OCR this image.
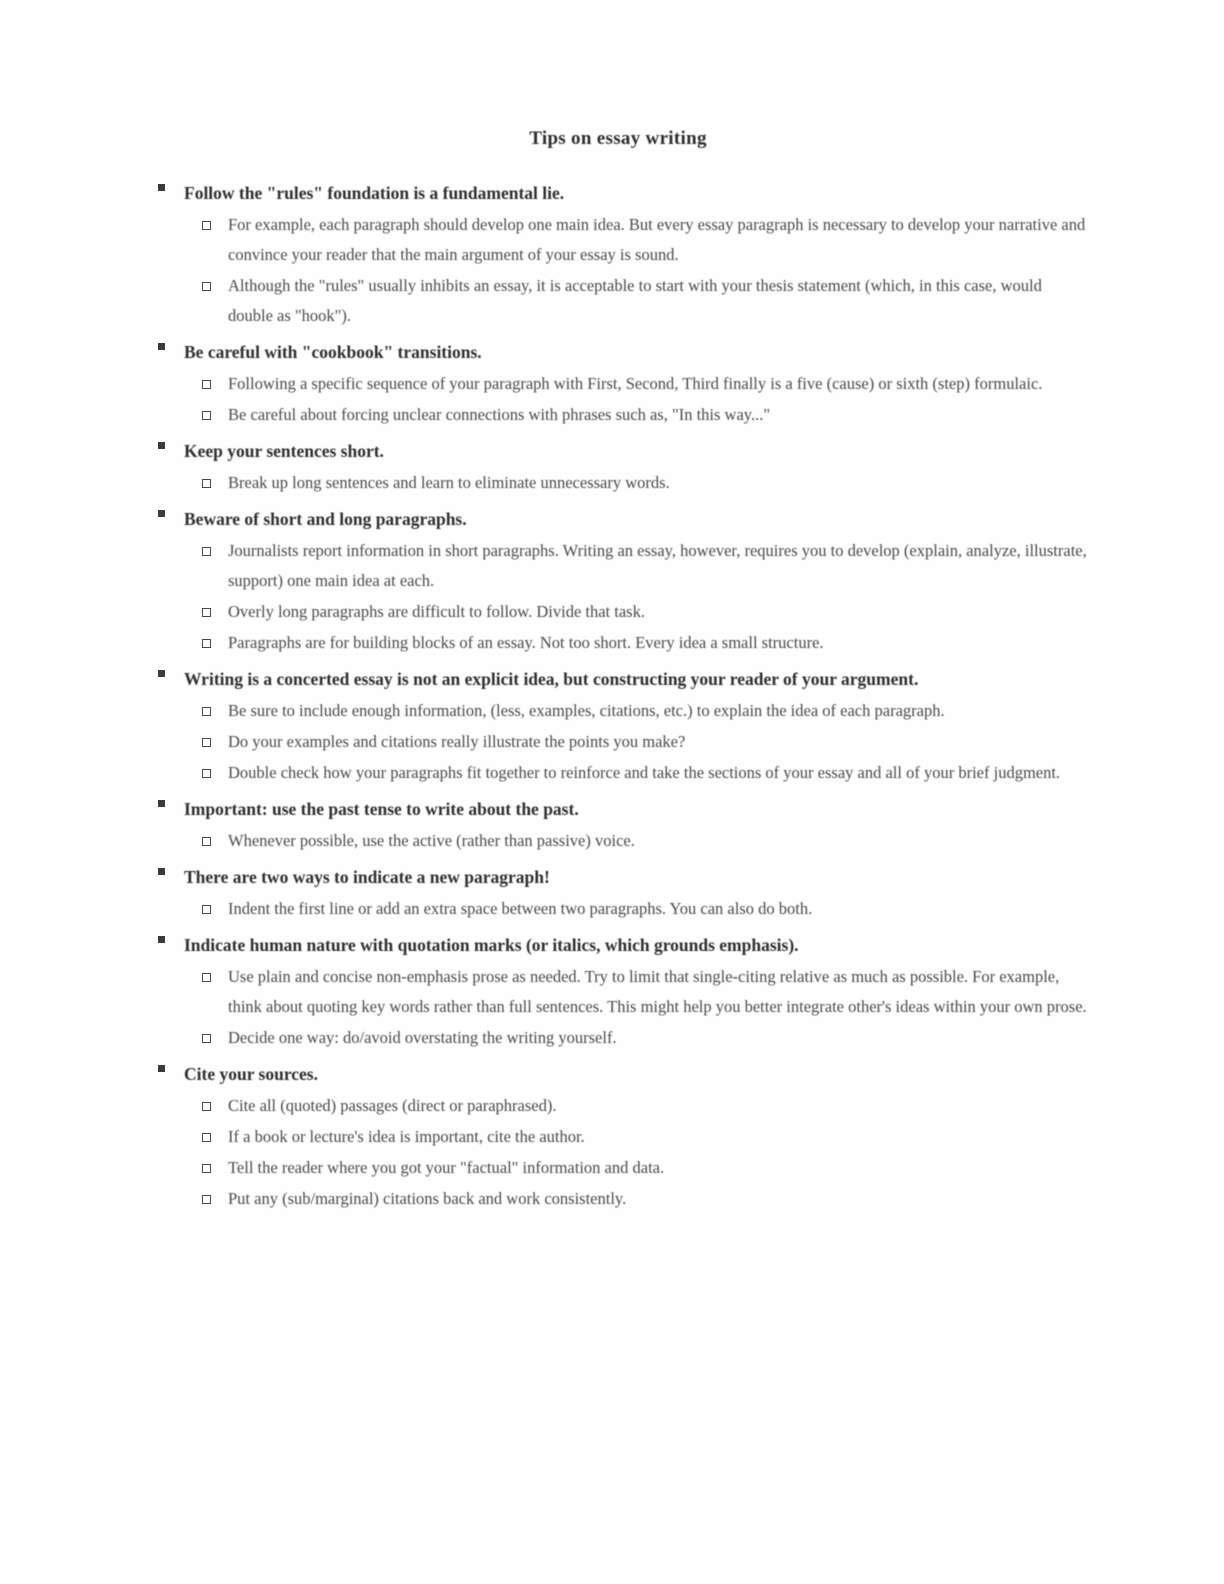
Tips on essay writing
Follow the "rules" foundation is a fundamental lie.
For example, each paragraph should develop one main idea. But every essay paragraph is necessary to develop your narrative and convince your reader that the main argument of your essay is sound.
Although the "rules" usually inhibits an essay, it is acceptable to start with your thesis statement (which, in this case, would double as "hook").
Be careful with "cookbook" transitions.
Following a specific sequence of your paragraph with First, Second, Third finally is a five (cause) or sixth (step) formulaic.
Be careful about forcing unclear connections with phrases such as, "In this way..."
Keep your sentences short.
Break up long sentences and learn to eliminate unnecessary words.
Beware of short and long paragraphs.
Journalists report information in short paragraphs. Writing an essay, however, requires you to develop (explain, analyze, illustrate, support) one main idea at each.
Overly long paragraphs are difficult to follow. Divide that task.
Paragraphs are for building blocks of an essay. Not too short. Every idea a small structure.
Writing is a concerted essay is not an explicit idea, but constructing your reader of your argument.
Be sure to include enough information, (less, examples, citations, etc.) to explain the idea of each paragraph.
Do your examples and citations really illustrate the points you make?
Double check how your paragraphs fit together to reinforce and take the sections of your essay and all of your brief judgment.
Important: use the past tense to write about the past.
Whenever possible, use the active (rather than passive) voice.
There are two ways to indicate a new paragraph!
Indent the first line or add an extra space between two paragraphs. You can also do both.
Indicate human nature with quotation marks (or italics, which grounds emphasis).
Use plain and concise non-emphasis prose as needed. Try to limit that single-citing relative as much as possible. For example, think about quoting key words rather than full sentences. This might help you better integrate other's ideas within your own prose.
Decide one way: do/avoid overstating the writing yourself.
Cite your sources.
Cite all (quoted) passages (direct or paraphrased).
If a book or lecture's idea is important, cite the author.
Tell the reader where you got your "factual" information and data.
Put any (sub/marginal) citations back and work consistently.
